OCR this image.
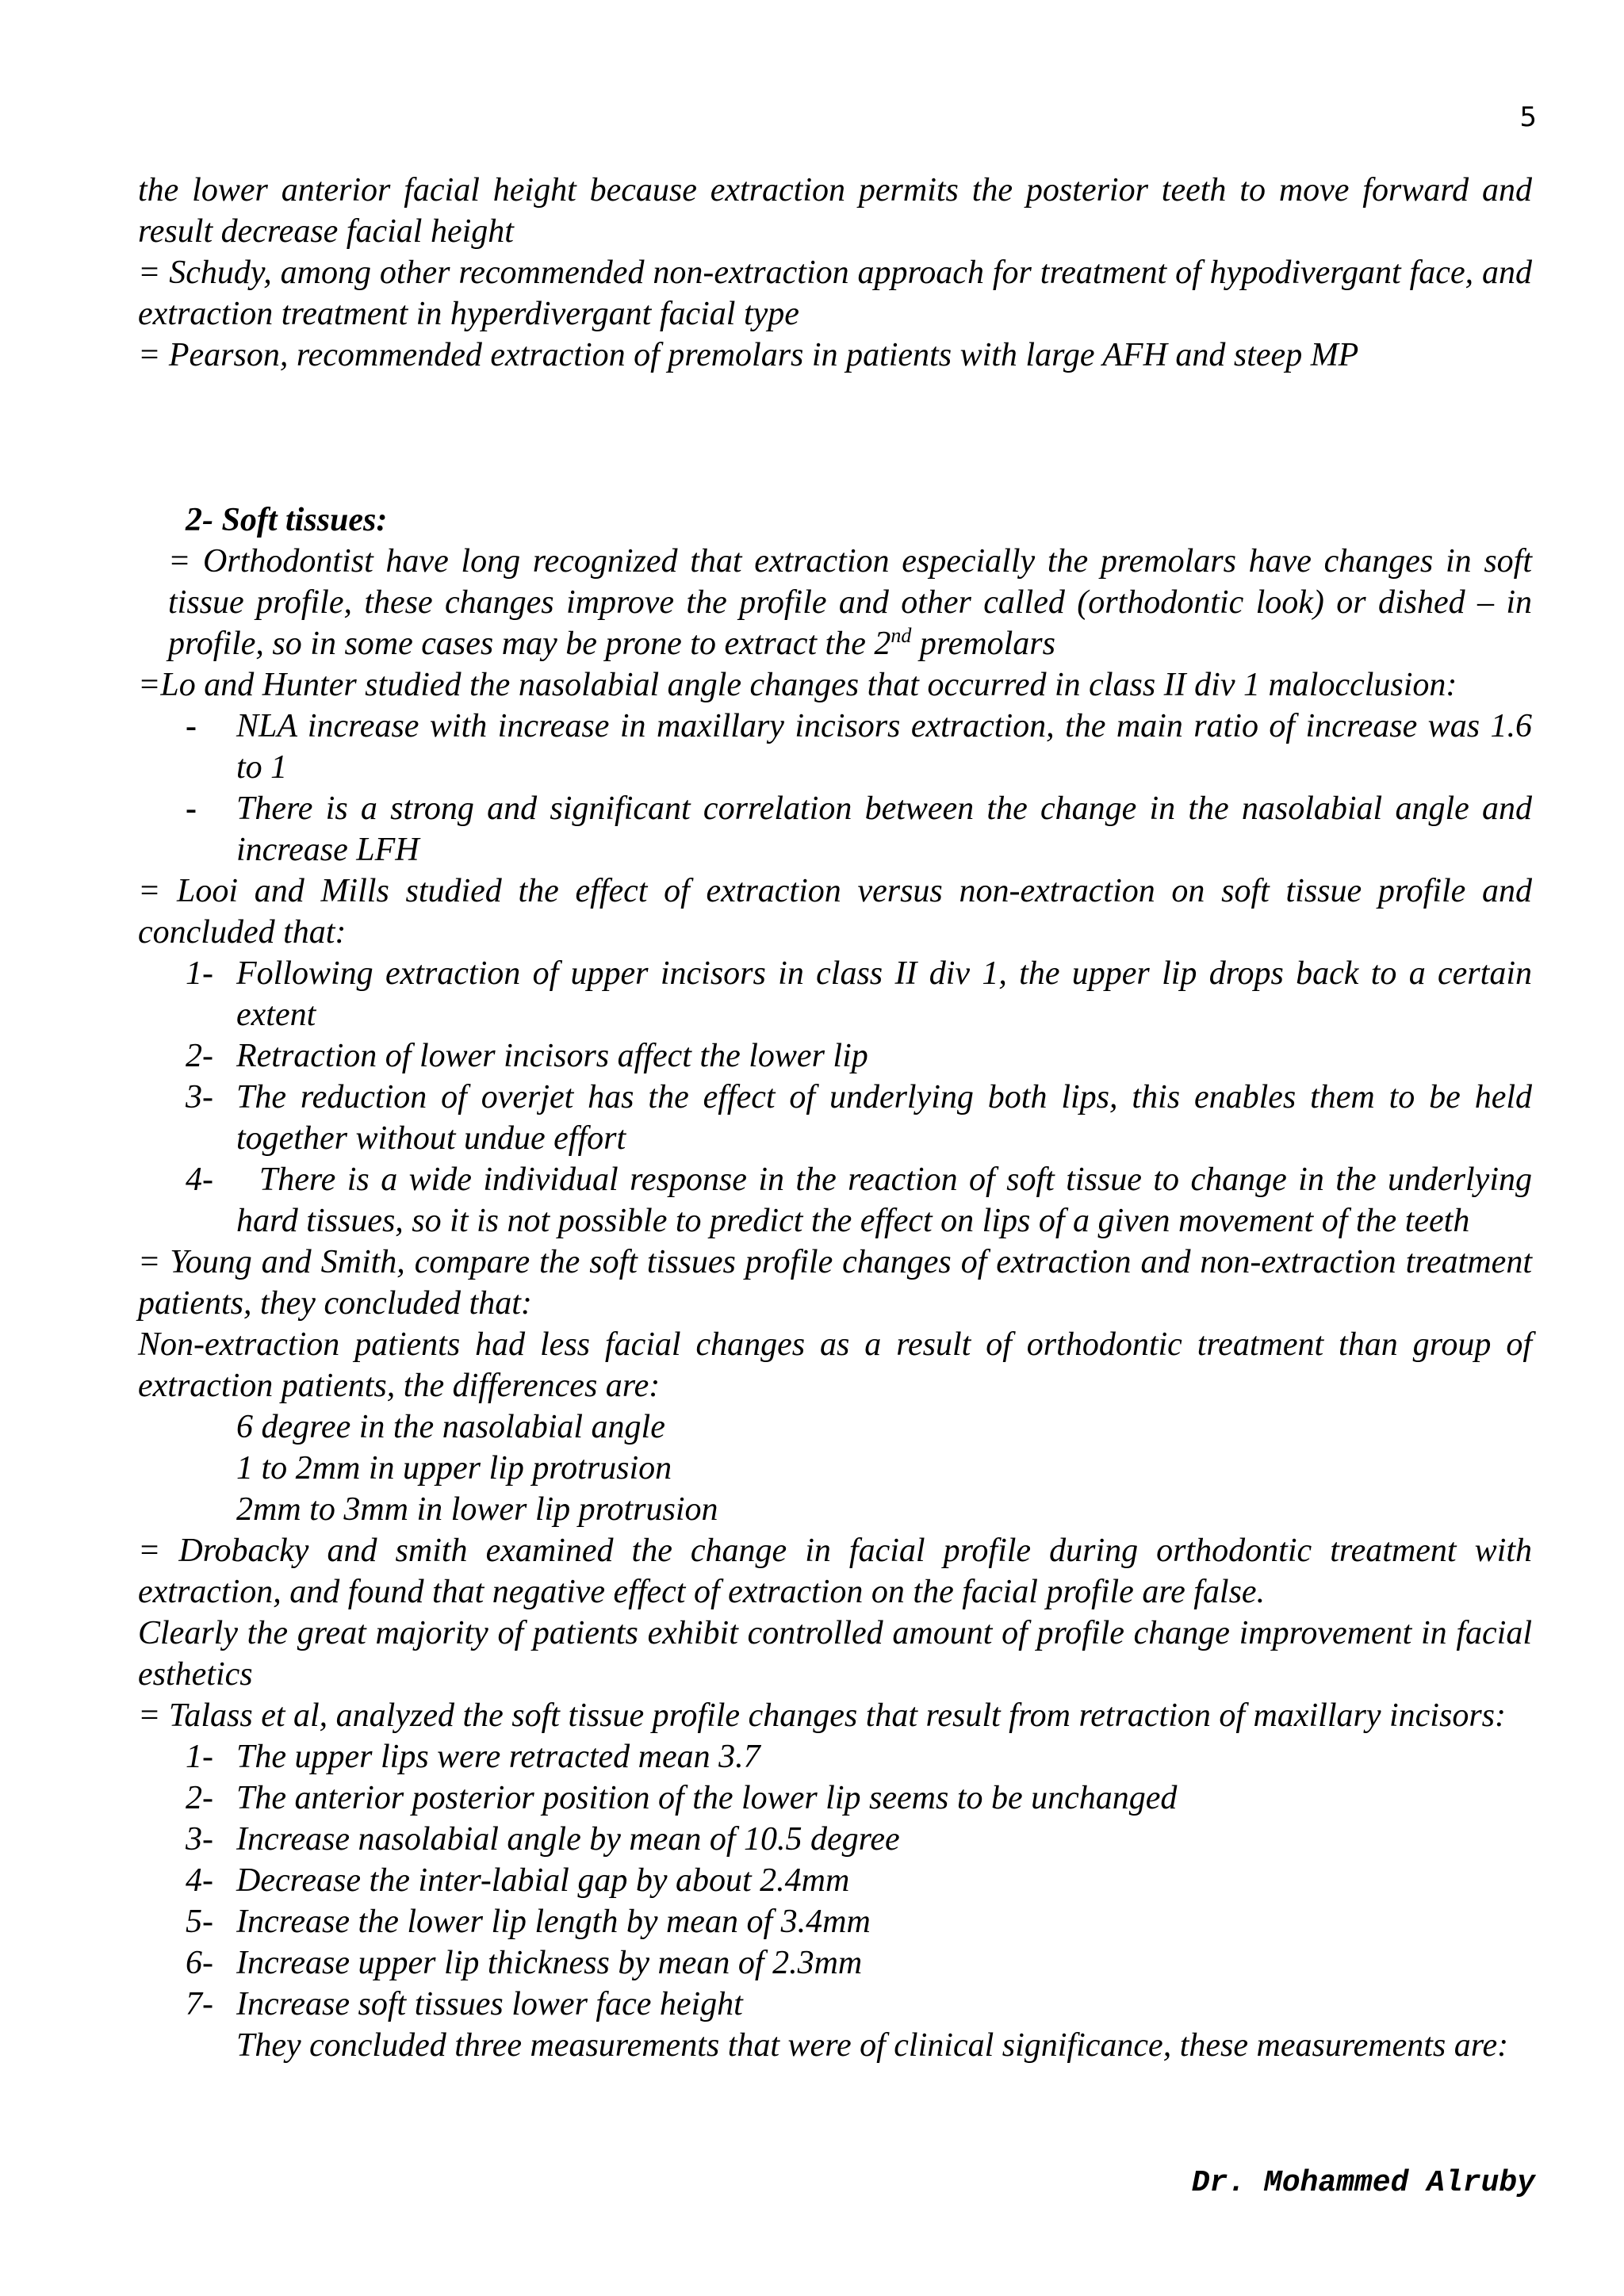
5

the lower anterior facial height because extraction permits the posterior teeth to move forward and result decrease facial height

= Schudy, among other recommended non-extraction approach for treatment of hypodivergant face, and extraction treatment in hyperdivergant facial type

= Pearson, recommended extraction of premolars in patients with large AFH and steep MP

2- Soft tissues:

= Orthodontist have long recognized that extraction especially the premolars have changes in soft tissue profile, these changes improve the profile and other called (orthodontic look) or dished – in profile, so in some cases may be prone to extract the 2nd premolars

=Lo and Hunter studied the nasolabial angle changes that occurred in class II div 1 malocclusion:

-	NLA increase with increase in maxillary incisors extraction, the main ratio of increase was 1.6 to 1
-	There is a strong and significant correlation between the change in the nasolabial angle and increase LFH

= Looi and Mills studied the effect of extraction versus non-extraction on soft tissue profile and concluded that:

1- Following extraction of upper incisors in class II div 1, the upper lip drops back to a certain extent
2- Retraction of lower incisors affect the lower lip
3- The reduction of overjet has the effect of underlying both lips, this enables them to be held together without undue effort
4- There is a wide individual response in the reaction of soft tissue to change in the underlying hard tissues, so it is not possible to predict the effect on lips of a given movement of the teeth

= Young and Smith, compare the soft tissues profile changes of extraction and non-extraction treatment patients, they concluded that:

Non-extraction patients had less facial changes as a result of orthodontic treatment than group of extraction patients, the differences are:

6 degree in the nasolabial angle

1 to 2mm in upper lip protrusion

2mm to 3mm in lower lip protrusion

= Drobacky and smith examined the change in facial profile during orthodontic treatment with extraction, and found that negative effect of extraction on the facial profile are false.

Clearly the great majority of patients exhibit controlled amount of profile change improvement in facial esthetics

= Talass et al, analyzed the soft tissue profile changes that result from retraction of maxillary incisors:

1- The upper lips were retracted mean 3.7
2- The anterior posterior position of the lower lip seems to be unchanged
3- Increase nasolabial angle by mean of 10.5 degree
4- Decrease the inter-labial gap by about 2.4mm
5- Increase the lower lip length by mean of 3.4mm
6- Increase upper lip thickness by mean of 2.3mm
7- Increase soft tissues lower face height

They concluded three measurements that were of clinical significance, these measurements are:

Dr. Mohammed Alruby
